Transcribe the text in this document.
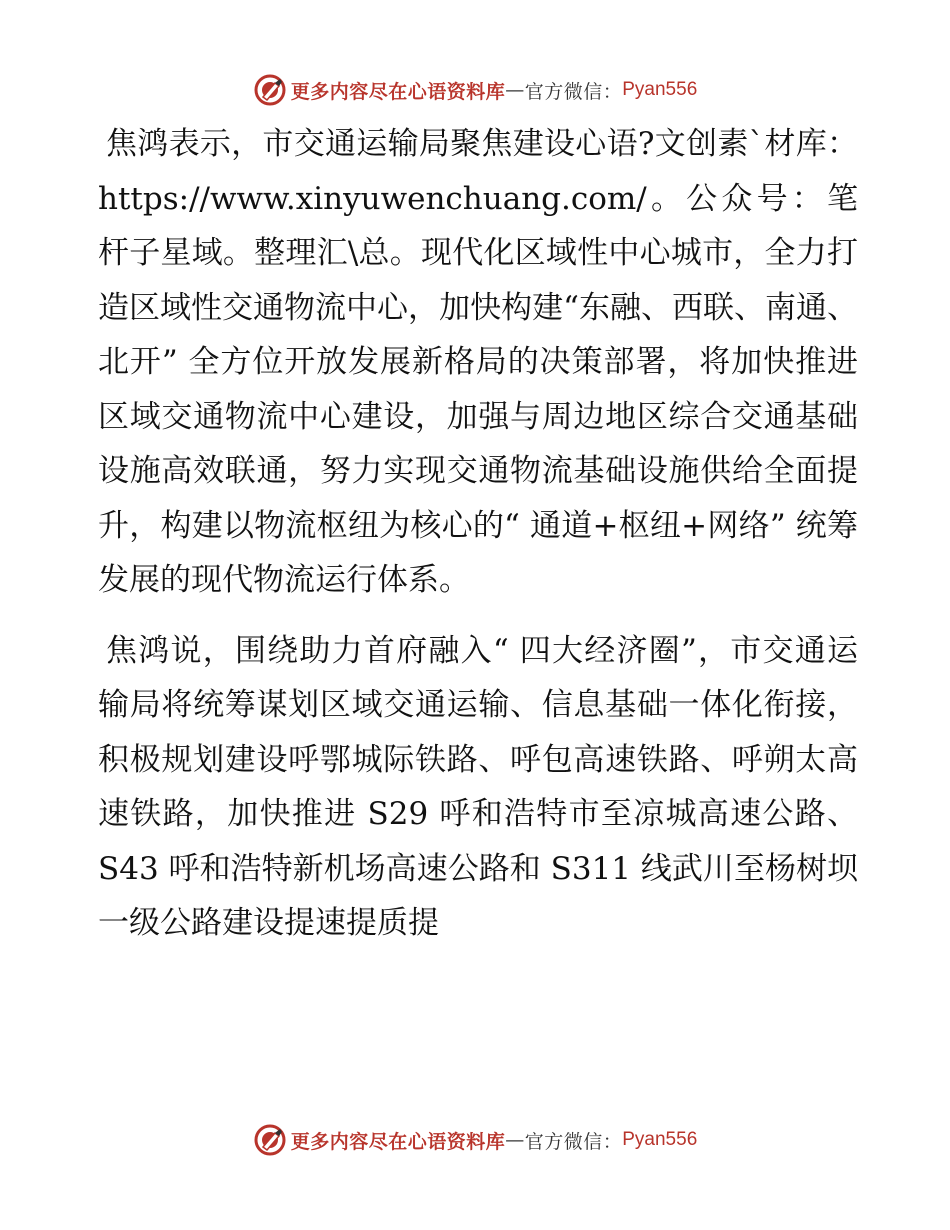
更多内容尽在心语资料库 — 官方微信： Pyan556

焦鸿表示，市交通运输局聚焦建设心语?文创素`材库：https://www.xinyuwenchuang.com/。公众号：笔杆子星域。整理汇\总。现代化区域性中心城市，全力打造区域性交通物流中心，加快构建“东融、西联、南通、北开” 全方位开放发展新格局的决策部署，将加快推进区域交通物流中心建设，加强与周边地区综合交通基础设施高效联通，努力实现交通物流基础设施供给全面提升，构建以物流枢纽为核心的“ 通道+枢纽+网络” 统筹发展的现代物流运行体系。

焦鸿说，围绕助力首府融入“ 四大经济圈”，市交通运输局将统筹谋划区域交通运输、信息基础一体化衔接，积极规划建设呼鄂城际铁路、呼包高速铁路、呼朔太高速铁路，加快推进 S29 呼和浩特市至凉城高速公路、 S43 呼和浩特新机场高速公路和 S311 线武川至杨树坝一级公路建设提速提质提

更多内容尽在心语资料库 — 官方微信： Pyan556
